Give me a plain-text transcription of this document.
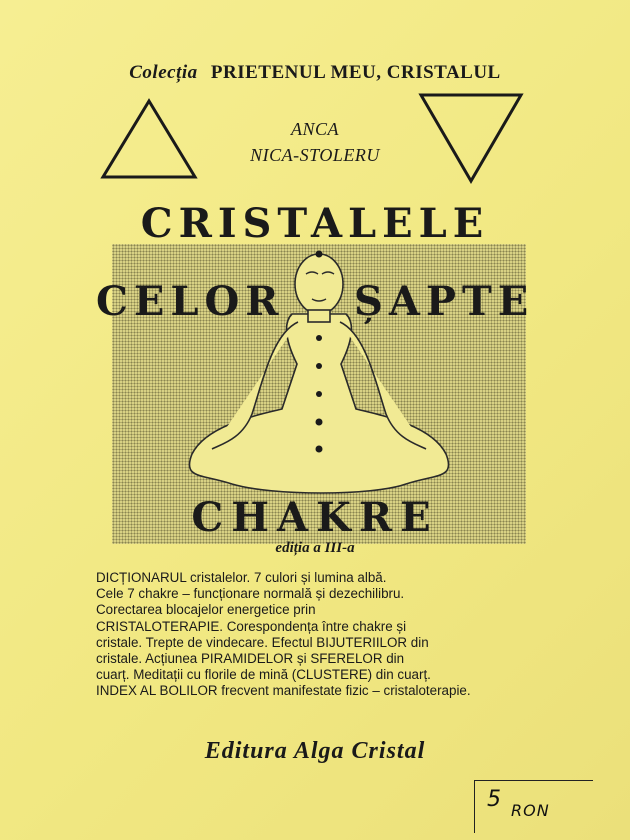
Colecția PRIETENUL MEU, CRISTALUL
ANCA
NICA-STOLERU
CRISTALELE
CELOR ȘAPTE
CHAKRE
ediția a III-a
DICȚIONARUL cristalelor. 7 culori și lumina albă.
Cele 7 chakre – funcționare normală și dezechilibru.
Corectarea blocajelor energetice prin
CRISTALOTERAPIE. Corespondența între chakre și
cristale. Trepte de vindecare. Efectul BIJUTERIILOR din
cristale. Acțiunea PIRAMIDELOR și SFERELOR din
cuarț. Meditații cu florile de mină (CLUSTERE) din cuarț.
INDEX AL BOLILOR frecvent manifestate fizic – cristaloterapie.
Editura Alga Cristal
5 RON
